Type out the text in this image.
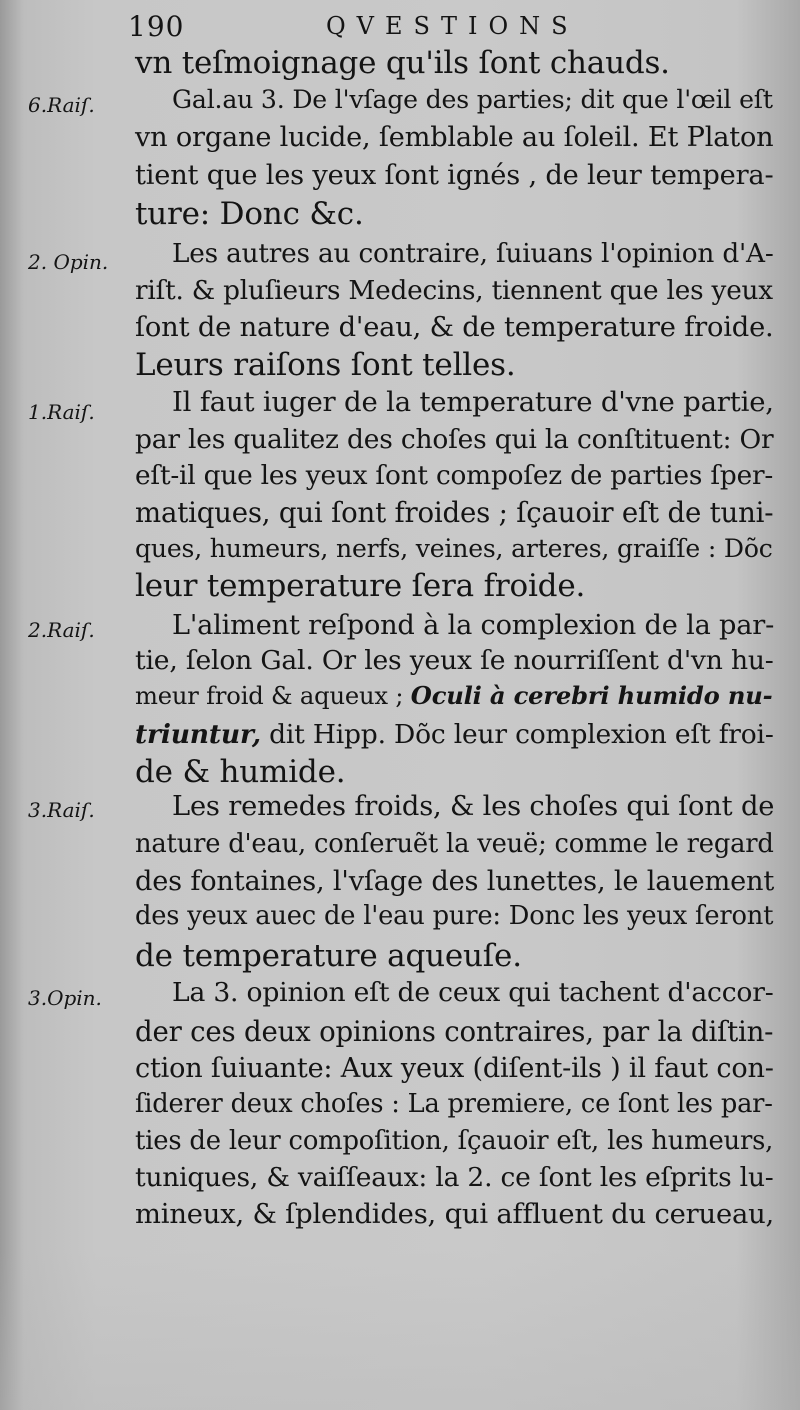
190	QVESTIONS
6.Raiſ.
2. Opin.
1.Raiſ.
2.Raiſ.
3.Raiſ.
3.Opin.
vn teſmoignage qu'ils ſont chauds.
Gal.au 3. De l'vſage des parties; dit que l'œil eſt
vn organe lucide, ſemblable au ſoleil. Et Platon
tient que les yeux ſont ignés , de leur tempera-
ture: Donc &c.
Les autres au contraire, ſuiuans l'opinion d'A-
riſt. & pluſieurs Medecins, tiennent que les yeux
ſont de nature d'eau, & de temperature froide.
Leurs raiſons ſont telles.
Il faut iuger de la temperature d'vne partie,
par les qualitez des choſes qui la conſtituent: Or
eſt-il que les yeux ſont compoſez de parties ſper-
matiques, qui ſont froides ; ſçauoir eſt de tuni-
ques, humeurs, nerfs, veines, arteres, graiſſe : Dõc
leur temperature ſera froide.
L'aliment reſpond à la complexion de la par-
tie, ſelon Gal. Or les yeux ſe nourriſſent d'vn hu-
meur froid & aqueux ; Oculi à cerebri humido nu-
triuntur, dit Hipp. Dõc leur complexion eſt froi-
de & humide.
Les remedes froids, & les choſes qui ſont de
nature d'eau, conſeruẽt la veuë; comme le regard
des fontaines, l'vſage des lunettes, le lauement
des yeux auec de l'eau pure: Donc les yeux ſeront
de temperature aqueuſe.
La 3. opinion eſt de ceux qui tachent d'accor-
der ces deux opinions contraires, par la diſtin-
ction ſuiuante: Aux yeux (diſent-ils ) il faut con-
ſiderer deux choſes : La premiere, ce ſont les par-
ties de leur compoſition, ſçauoir eſt, les humeurs,
tuniques, & vaiſſeaux: la 2. ce ſont les eſprits lu-
mineux, & ſplendides, qui affluent du cerueau,
